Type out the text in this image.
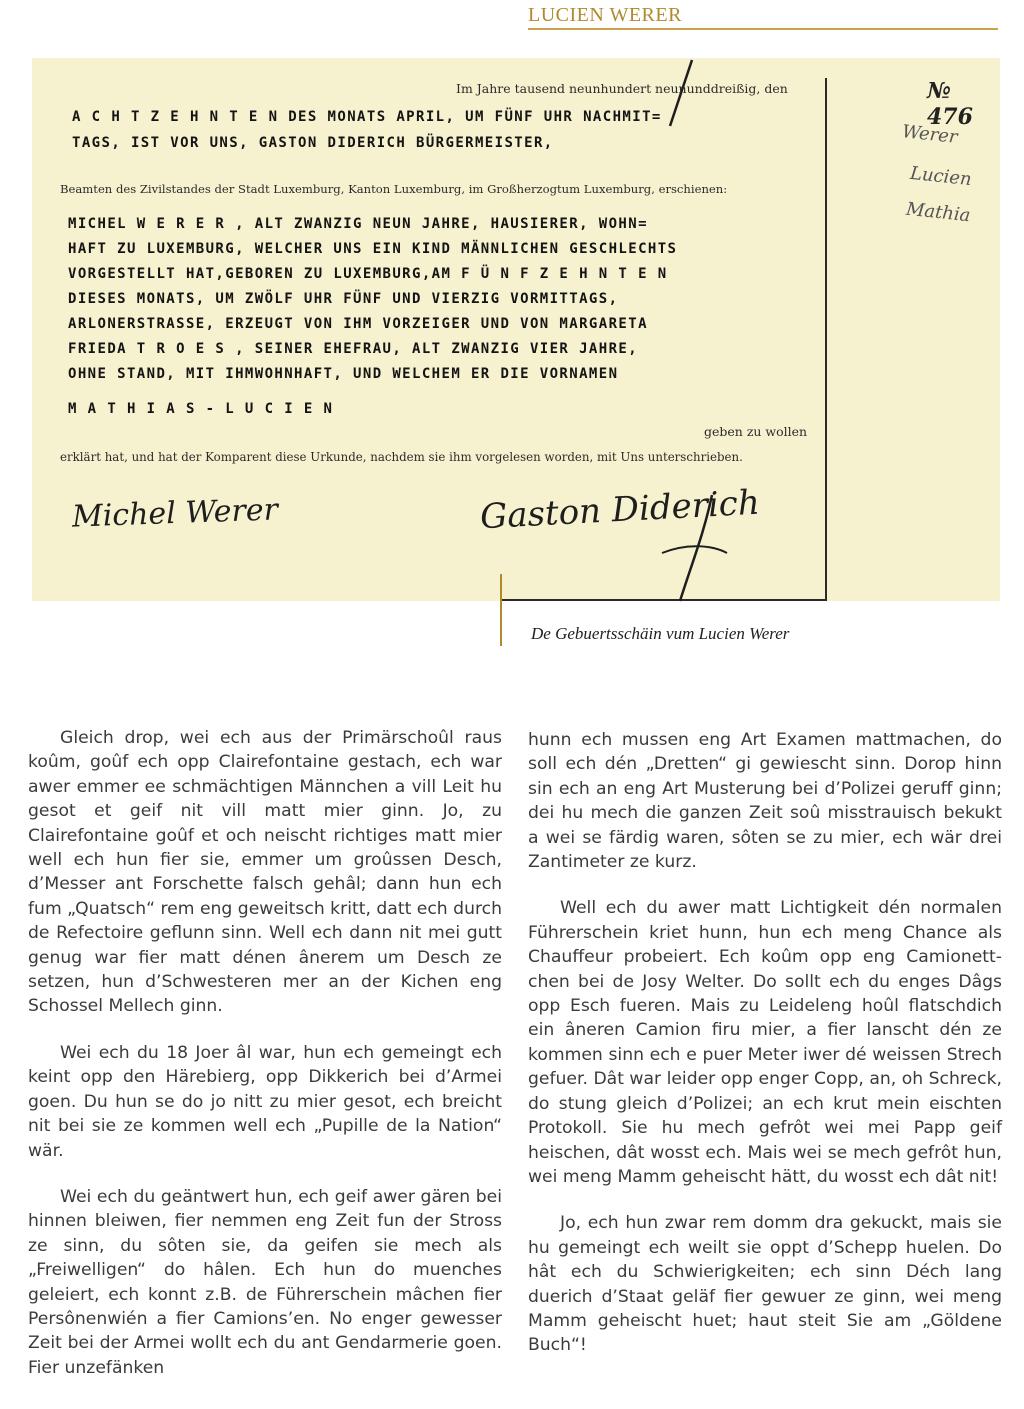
LUCIEN WERER
Im Jahre tausend neunhundert neununddreißig, den
A C H T Z E H N T E N DES MONATS APRIL, UM FÜNF UHR NACHMIT=
TAGS, IST VOR UNS, GASTON DIDERICH BÜRGERMEISTER,
Beamten des Zivilstandes der Stadt Luxemburg, Kanton Luxemburg, im Großherzogtum Luxemburg, erschienen:
MICHEL W E R E R , ALT ZWANZIG NEUN JAHRE, HAUSIERER, WOHN=
HAFT ZU LUXEMBURG, WELCHER UNS EIN KIND MÄNNLICHEN GESCHLECHTS
VORGESTELLT HAT,GEBOREN ZU LUXEMBURG,AM F Ü N F Z E H N T E N
DIESES MONATS, UM ZWÖLF UHR FÜNF UND VIERZIG VORMITTAGS,
ARLONERSTRASSE, ERZEUGT VON IHM VORZEIGER UND VON MARGARETA
FRIEDA T R O E S , SEINER EHEFRAU, ALT ZWANZIG VIER JAHRE,
OHNE STAND, MIT IHMWOHNHAFT, UND WELCHEM ER DIE VORNAMEN
M A T H I A S - L U C I E N
geben zu wollen
erklärt hat, und hat der Komparent diese Urkunde, nachdem sie ihm vorgelesen worden, mit Uns unterschrieben.
Michel Werer	Gaston Diderich
№ 476
Werer
Lucien
Mathia
De Gebuertsschäin vum Lucien Werer

Gleich drop, wei ech aus der Primärschoûl raus koûm, goûf ech opp Clairefontaine gestach, ech war awer emmer ee schmächtigen Männchen a vill Leit hu gesot et geif nit vill matt mier ginn. Jo, zu Clairefontaine goûf et och neischt richtiges matt mier well ech hun fier sie, emmer um groûssen Desch, d’Messer ant Forschette falsch gehâl; dann hun ech fum „Quatsch“ rem eng geweitsch kritt, datt ech durch de Refectoire geflunn sinn. Well ech dann nit mei gutt genug war fier matt dénen ânerem um Desch ze setzen, hun d’Schwesteren mer an der Kichen eng Schossel Mellech ginn.

Wei ech du 18 Joer âl war, hun ech gemeingt ech keint opp den Härebierg, opp Dikkerich bei d’Armei goen. Du hun se do jo nitt zu mier gesot, ech breicht nit bei sie ze kommen well ech „Pupille de la Nation“ wär.

Wei ech du geäntwert hun, ech geif awer gären bei hinnen bleiwen, fier nemmen eng Zeit fun der Stross ze sinn, du sôten sie, da geifen sie mech als „Freiwelligen“ do hâlen. Ech hun do muenches geleiert, ech konnt z.B. de Führerschein mâchen fier Persônenwién a fier Camions’en. No enger gewesser Zeit bei der Armei wollt ech du ant Gendarmerie goen. Fier unzefänken

hunn ech mussen eng Art Examen mattmachen, do soll ech dén „Dretten“ gi gewiescht sinn. Dorop hinn sin ech an eng Art Musterung bei d’Polizei geruff ginn; dei hu mech die ganzen Zeit soû misstrauisch bekukt a wei se färdig waren, sôten se zu mier, ech wär drei Zantimeter ze kurz.

Well ech du awer matt Lichtigkeit dén normalen Führerschein kriet hunn, hun ech meng Chance als Chauffeur probeiert. Ech koûm opp eng Camionettchen bei de Josy Welter. Do sollt ech du enges Dâgs opp Esch fueren. Mais zu Leideleng hoûl flatschdich ein âneren Camion firu mier, a fier lanscht dén ze kommen sinn ech e puer Meter iwer dé weissen Strech gefuer. Dât war leider opp enger Copp, an, oh Schreck, do stung gleich d’Polizei; an ech krut mein eischten Protokoll. Sie hu mech gefrôt wei mei Papp geif heischen, dât wosst ech. Mais wei se mech gefrôt hun, wei meng Mamm geheischt hätt, du wosst ech dât nit!

Jo, ech hun zwar rem domm dra gekuckt, mais sie hu gemeingt ech weilt sie oppt d’Schepp huelen. Do hât ech du Schwierigkeiten; ech sinn Déch lang duerich d’Staat geläf fier gewuer ze ginn, wei meng Mamm geheischt huet; haut steit Sie am „Göldene Buch“!
